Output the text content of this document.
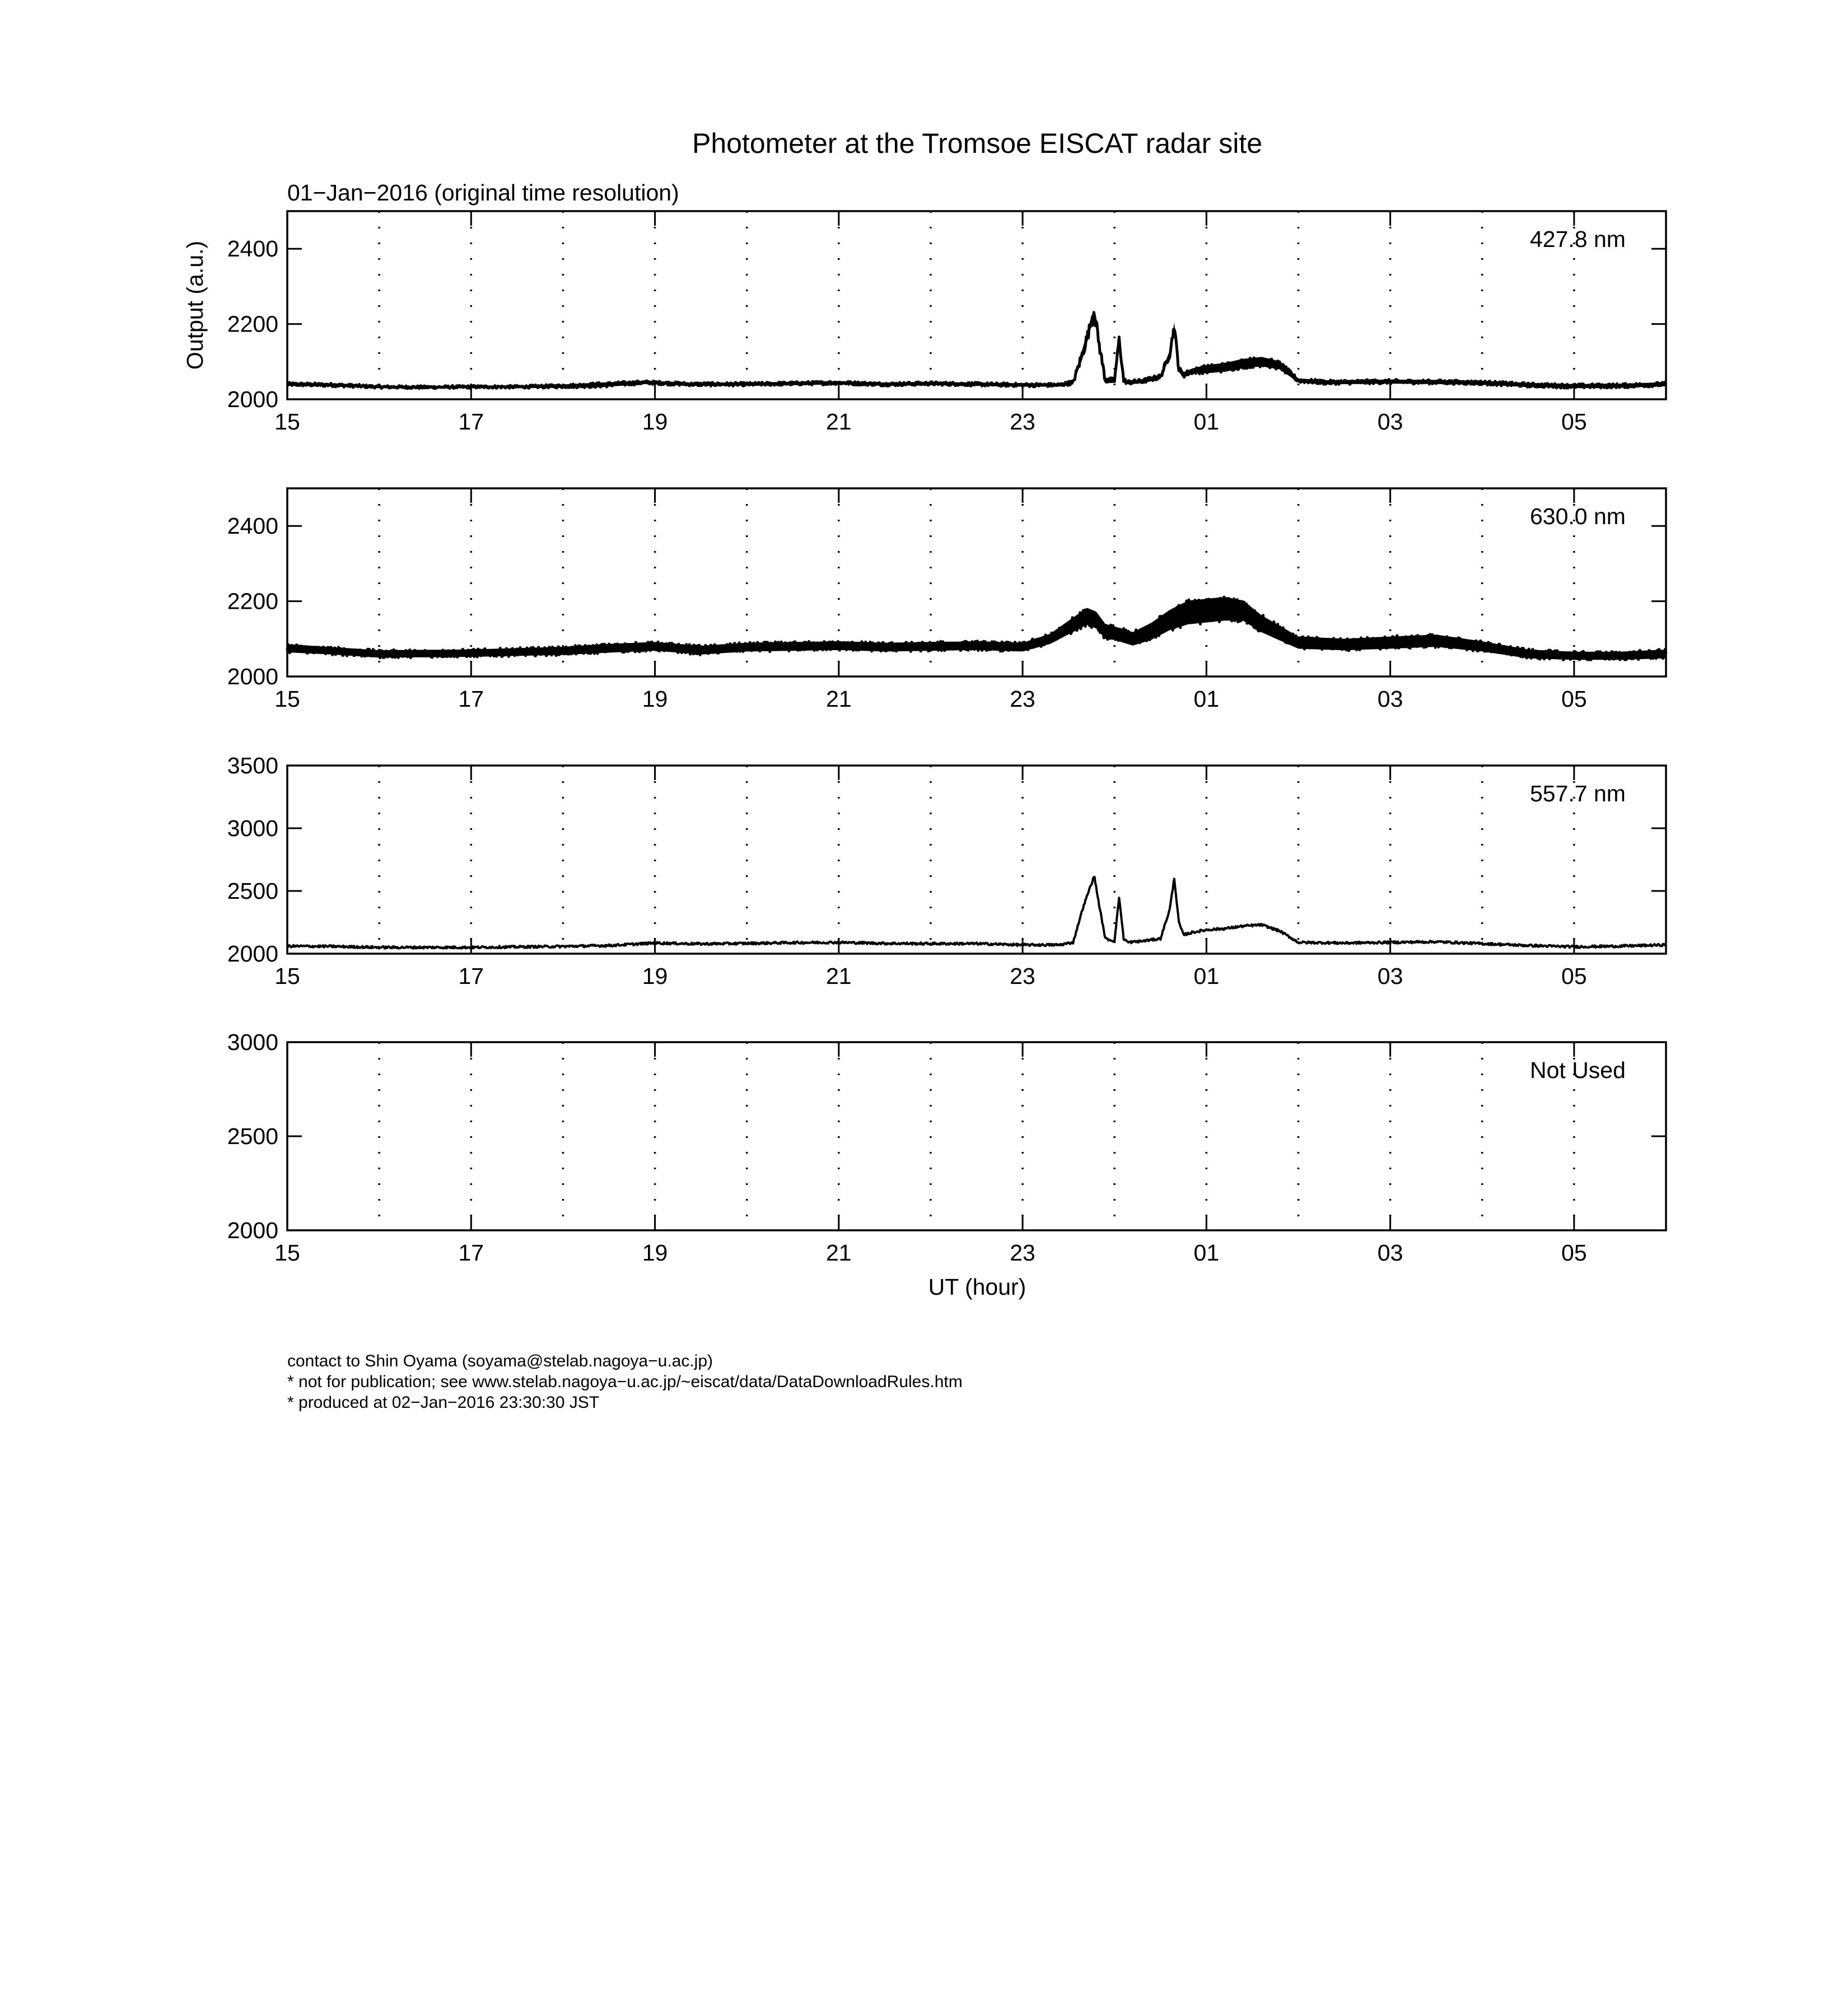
Photometer at the Tromsoe EISCAT radar site
01−Jan−2016 (original time resolution)
Output (a.u.)
UT (hour)
2000
2200
2400
15	17	19	21	23	01	03	05
427.8 nm
2000
2200
2400
15	17	19	21	23	01	03	05
630.0 nm
2000
2500
3000
3500
15	17	19	21	23	01	03	05
557.7 nm
2000
2500
3000
15	17	19	21	23	01	03	05
Not Used
contact to Shin Oyama (soyama@stelab.nagoya−u.ac.jp)
* not for publication; see www.stelab.nagoya−u.ac.jp/~eiscat/data/DataDownloadRules.htm
* produced at 02−Jan−2016 23:30:30 JST
